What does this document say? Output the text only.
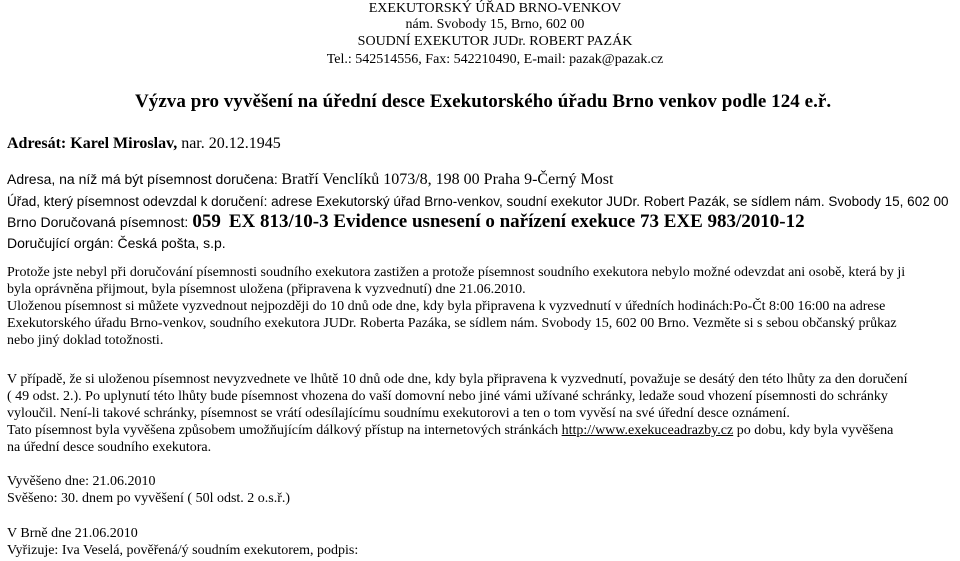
EXEKUTORSKÝ ÚŘAD BRNO-VENKOV
nám. Svobody 15, Brno, 602 00
SOUDNÍ EXEKUTOR JUDr. ROBERT PAZÁK
Tel.: 542514556, Fax: 542210490, E-mail: pazak@pazak.cz
Výzva pro vyvěšení na úřední desce Exekutorského úřadu Brno venkov podle 124 e.ř.
Adresát: Karel Miroslav, nar. 20.12.1945
Adresa, na níž má být písemnost doručena: Bratří Venclíků 1073/8, 198 00 Praha 9-Černý Most
Úřad, který písemnost odevzdal k doručení: adrese Exekutorský úřad Brno-venkov, soudní exekutor JUDr. Robert Pazák, se sídlem nám. Svobody 15, 602 00
Brno Doručovaná písemnost: 059 EX 813/10-3 Evidence usnesení o nařízení exekuce 73 EXE 983/2010-12
Doručující orgán: Česká pošta, s.p.
Protože jste nebyl při doručování písemnosti soudního exekutora zastižen a protože písemnost soudního exekutora nebylo možné odevzdat ani osobě, která by ji
byla oprávněna přijmout, byla písemnost uložena (připravena k vyzvednutí) dne 21.06.2010.
Uloženou písemnost si můžete vyzvednout nejpozději do 10 dnů ode dne, kdy byla připravena k vyzvednutí v úředních hodinách:Po-Čt 8:00 16:00 na adrese
Exekutorského úřadu Brno-venkov, soudního exekutora JUDr. Roberta Pazáka, se sídlem nám. Svobody 15, 602 00 Brno. Vezměte si s sebou občanský průkaz
nebo jiný doklad totožnosti.
V případě, že si uloženou písemnost nevyzvednete ve lhůtě 10 dnů ode dne, kdy byla připravena k vyzvednutí, považuje se desátý den této lhůty za den doručení
( 49 odst. 2.). Po uplynutí této lhůty bude písemnost vhozena do vaší domovní nebo jiné vámi užívané schránky, ledaže soud vhození písemnosti do schránky
vyloučil. Není-li takové schránky, písemnost se vrátí odesílajícímu soudnímu exekutorovi a ten o tom vyvěsí na své úřední desce oznámení.
Tato písemnost byla vyvěšena způsobem umožňujícím dálkový přístup na internetových stránkách http://www.exekuceadrazby.cz po dobu, kdy byla vyvěšena
na úřední desce soudního exekutora.
Vyvěšeno dne: 21.06.2010
Svěšeno: 30. dnem po vyvěšení ( 50l odst. 2 o.s.ř.)
V Brně dne 21.06.2010
Vyřizuje: Iva Veselá, pověřená/ý soudním exekutorem, podpis:
